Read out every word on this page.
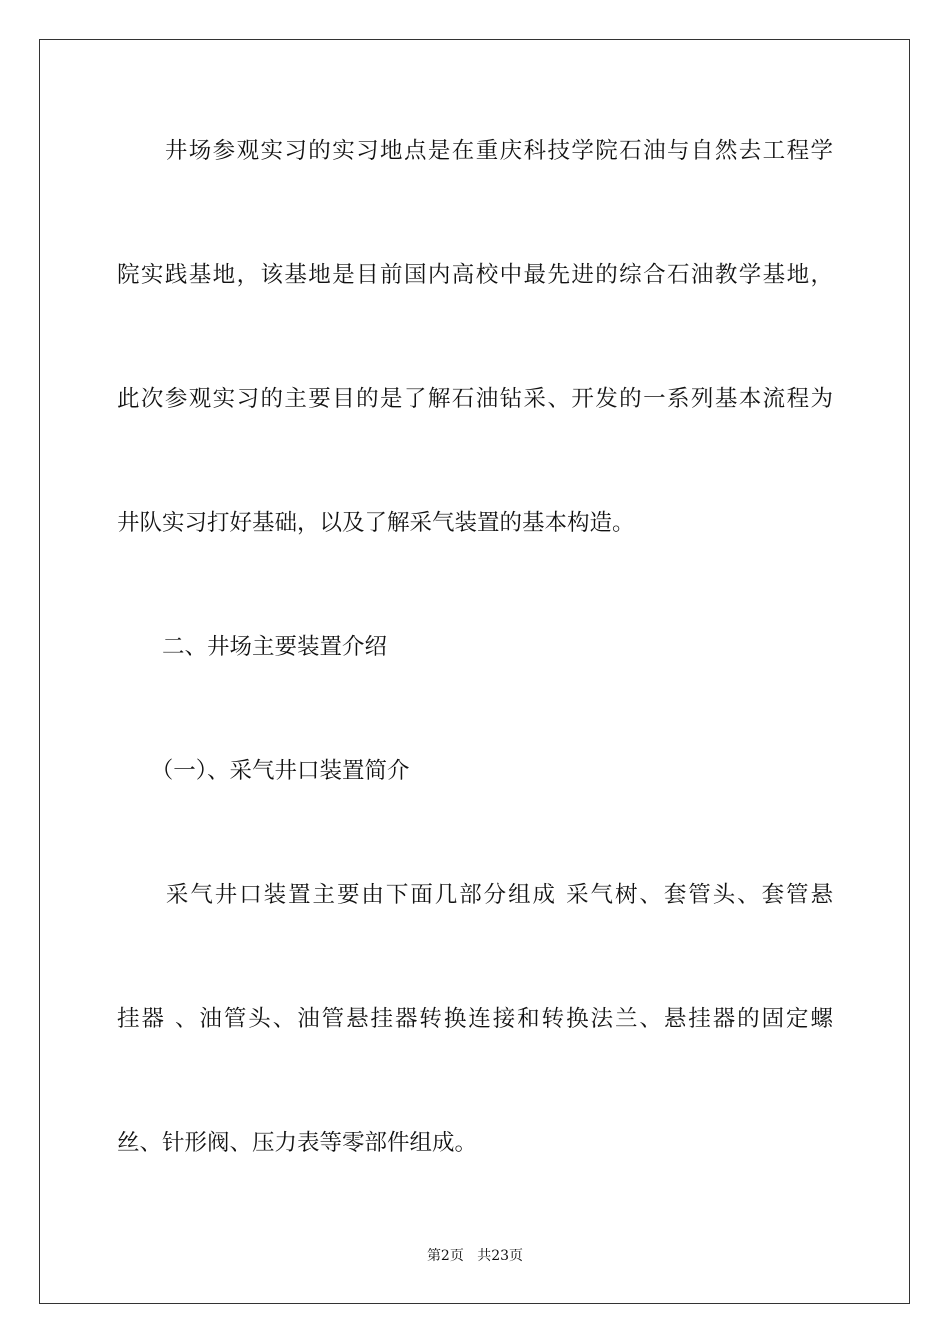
　　井场参观实习的实习地点是在重庆科技学院石油与自然去工程学
院实践基地，该基地是目前国内高校中最先进的综合石油教学基地，
此次参观实习的主要目的是了解石油钻采、开发的一系列基本流程为
井队实习打好基础，以及了解采气装置的基本构造。
　　二、井场主要装置介绍
　　（一）、采气井口装置简介
　　采气井口装置主要由下面几部分组成 采气树、套管头、套管悬
挂器 、油管头、油管悬挂器转换连接和转换法兰、悬挂器的固定螺
丝、针形阀、压力表等零部件组成。
第2页 共23页
